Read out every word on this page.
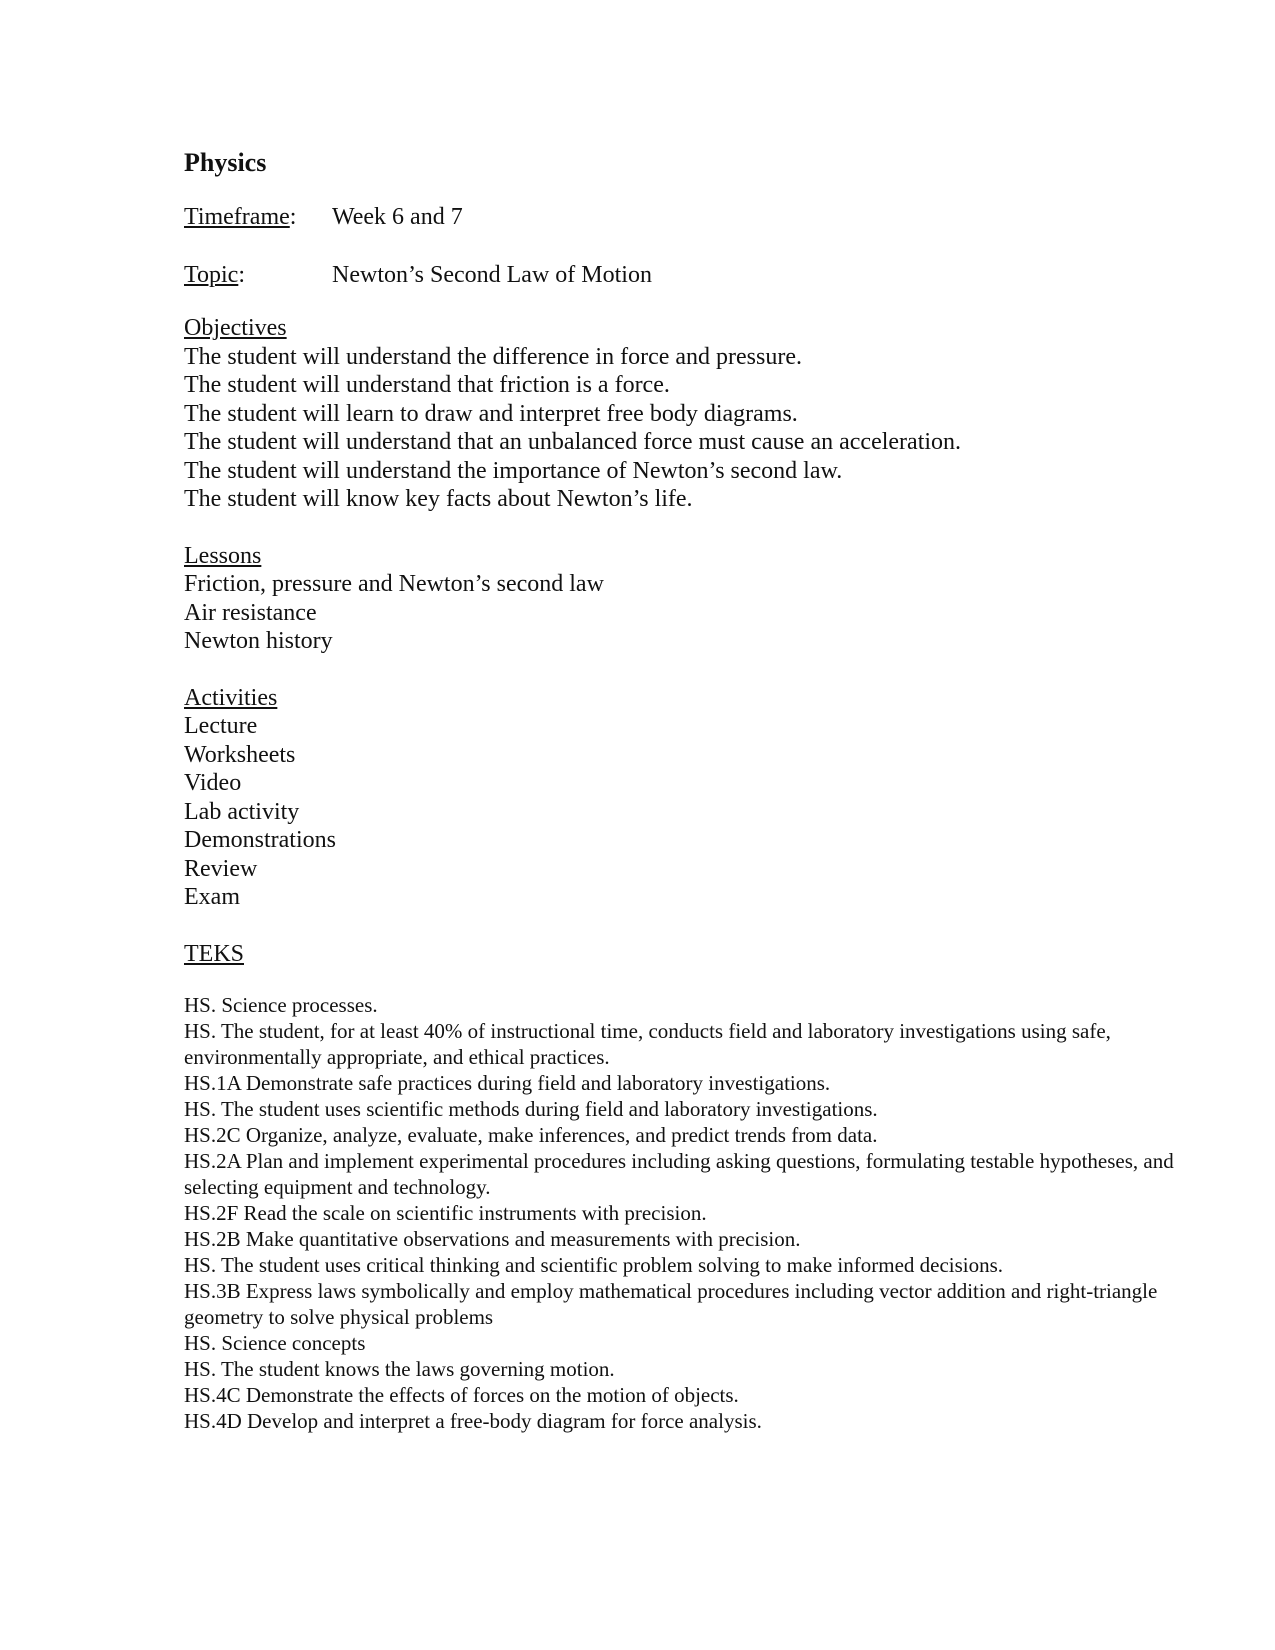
Physics
Timeframe:	Week 6 and 7
Topic:	Newton’s Second Law of Motion
Objectives
The student will understand the difference in force and pressure.
The student will understand that friction is a force.
The student will learn to draw and interpret free body diagrams.
The student will understand that an unbalanced force must cause an acceleration.
The student will understand the importance of Newton’s second law.
The student will know key facts about Newton’s life.
Lessons
Friction, pressure and Newton’s second law
Air resistance
Newton history
Activities
Lecture
Worksheets
Video
Lab activity
Demonstrations
Review
Exam
TEKS
HS. Science processes.
HS. The student, for at least 40% of instructional time, conducts field and laboratory investigations using safe, environmentally appropriate, and ethical practices.
HS.1A Demonstrate safe practices during field and laboratory investigations.
HS. The student uses scientific methods during field and laboratory investigations.
HS.2C Organize, analyze, evaluate, make inferences, and predict trends from data.
HS.2A Plan and implement experimental procedures including asking questions, formulating testable hypotheses, and selecting equipment and technology.
HS.2F Read the scale on scientific instruments with precision.
HS.2B Make quantitative observations and measurements with precision.
HS. The student uses critical thinking and scientific problem solving to make informed decisions.
HS.3B Express laws symbolically and employ mathematical procedures including vector addition and right-triangle geometry to solve physical problems
HS. Science concepts
HS. The student knows the laws governing motion.
HS.4C Demonstrate the effects of forces on the motion of objects.
HS.4D Develop and interpret a free-body diagram for force analysis.
